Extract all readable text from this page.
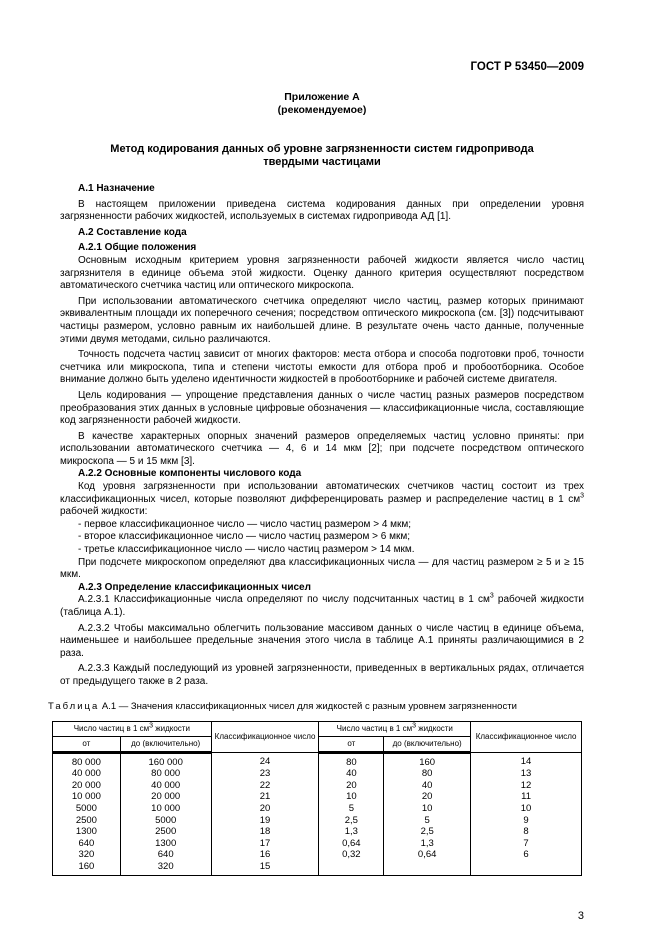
ГОСТ Р 53450—2009
Приложение А
(рекомендуемое)
Метод кодирования данных об уровне загрязненности систем гидропривода
твердыми частицами
А.1 Назначение

В настоящем приложении приведена система кодирования данных при определении уровня загрязненности рабочих жидкостей, используемых в системах гидропривода АД [1].

А.2 Составление кода
А.2.1 Общие положения

Основным исходным критерием уровня загрязненности рабочей жидкости является число частиц загрязнителя в единице объема этой жидкости. Оценку данного критерия осуществляют посредством автоматического счетчика частиц или оптического микроскопа.

При использовании автоматического счетчика определяют число частиц, размер которых принимают эквивалентным площади их поперечного сечения; посредством оптического микроскопа (см. [3]) подсчитывают частицы размером, условно равным их наибольшей длине. В результате очень часто данные, полученные этими двумя методами, сильно различаются.

Точность подсчета частиц зависит от многих факторов: места отбора и способа подготовки проб, точности счетчика или микроскопа, типа и степени чистоты емкости для отбора проб и пробоотборника. Особое внимание должно быть уделено идентичности жидкостей в пробоотборнике и рабочей системе двигателя.

Цель кодирования — упрощение представления данных о числе частиц разных размеров посредством преобразования этих данных в условные цифровые обозначения — классификационные числа, составляющие код загрязненности рабочей жидкости.

В качестве характерных опорных значений размеров определяемых частиц условно приняты: при использовании автоматического счетчика — 4, 6 и 14 мкм [2]; при подсчете посредством оптического микроскопа — 5 и 15 мкм [3].

А.2.2 Основные компоненты числового кода

Код уровня загрязненности при использовании автоматических счетчиков частиц состоит из трех классификационных чисел, которые позволяют дифференцировать размер и распределение частиц в 1 $см^3$ рабочей жидкости:

- первое классификационное число — число частиц размером > 4 мкм;

- второе классификационное число — число частиц размером > 6 мкм;

- третье классификационное число — число частиц размером > 14 мкм.

При подсчете микроскопом определяют два классификационных числа — для частиц размером ≥ 5 и ≥ 15 мкм.

А.2.3 Определение классификационных чисел

А.2.3.1 Классификационные числа определяют по числу подсчитанных частиц в 1 $см^3$ рабочей жидкости (таблица А.1).

А.2.3.2 Чтобы максимально облегчить пользование массивом данных о числе частиц в единице объема, наименьшее и наибольшее предельные значения этого числа в таблице А.1 приняты различающимися в 2 раза.

А.2.3.3 Каждый последующий из уровней загрязненности, приведенных в вертикальных рядах, отличается от предыдущего также в 2 раза.

Таблица А.1 — Значения классификационных чисел для жидкостей с разным уровнем загрязненности
Число частиц в 1 $см^3$ жидкости		Классификационное число	Число частиц в 1 $см^3$ жидкости		Классификационное число
от	до (включительно)		от	до (включительно)	
80 000	160 000	24	80	160	14
40 000	80 000	23	40	80	13
20 000	40 000	22	20	40	12
10 000	20 000	21	10	20	11
5000	10 000	20	5	10	10
2500	5000	19	2,5	5	9
1300	2500	18	1,3	2,5	8
640	1300	17	0,64	1,3	7
320	640	16	0,32	0,64	6
160	320	15			
3
